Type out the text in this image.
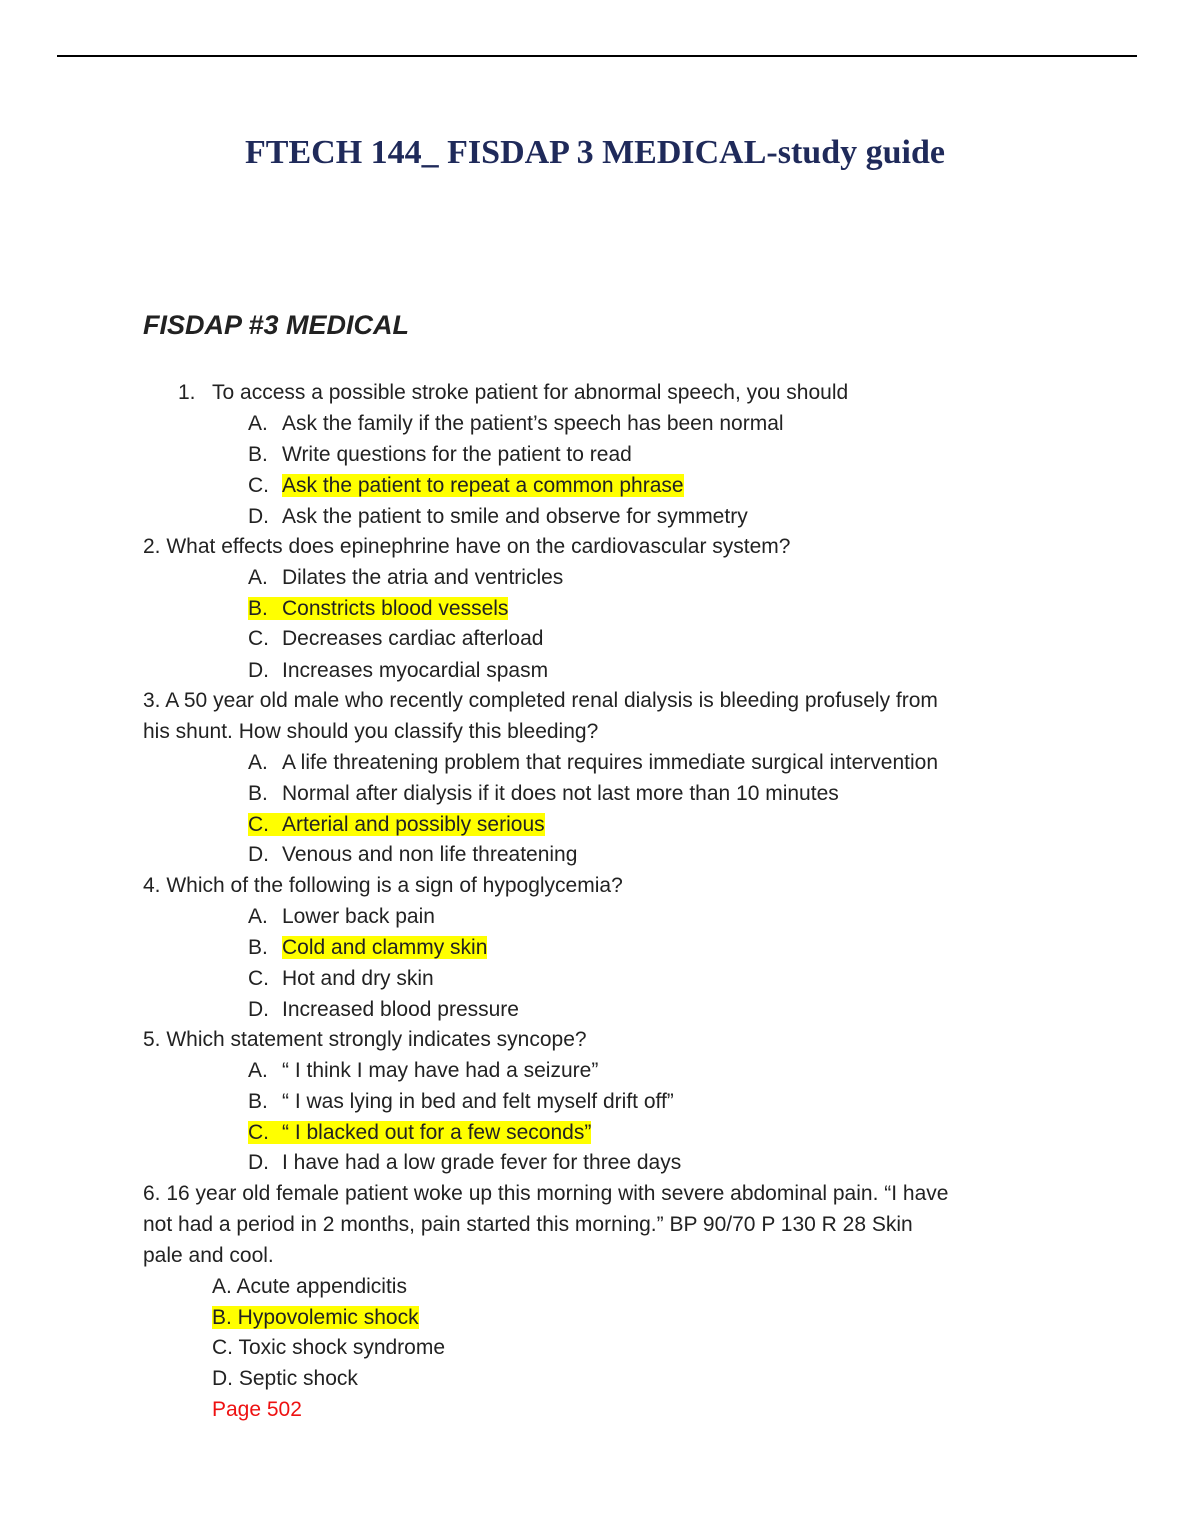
FTECH 144_ FISDAP 3 MEDICAL-study guide
FISDAP #3 MEDICAL
1. To access a possible stroke patient for abnormal speech, you should
A. Ask the family if the patient’s speech has been normal
B. Write questions for the patient to read
C. Ask the patient to repeat a common phrase
D. Ask the patient to smile and observe for symmetry
2. What effects does epinephrine have on the cardiovascular system?
A. Dilates the atria and ventricles
B. Constricts blood vessels
C. Decreases cardiac afterload
D. Increases myocardial spasm
3. A 50 year old male who recently completed renal dialysis is bleeding profusely from
his shunt. How should you classify this bleeding?
A. A life threatening problem that requires immediate surgical intervention
B. Normal after dialysis if it does not last more than 10 minutes
C. Arterial and possibly serious
D. Venous and non life threatening
4. Which of the following is a sign of hypoglycemia?
A. Lower back pain
B. Cold and clammy skin
C. Hot and dry skin
D. Increased blood pressure
5. Which statement strongly indicates syncope?
A. “ I think I may have had a seizure”
B. “ I was lying in bed and felt myself drift off”
C. “ I blacked out for a few seconds”
D. I have had a low grade fever for three days
6. 16 year old female patient woke up this morning with severe abdominal pain. “I have
not had a period in 2 months, pain started this morning.” BP 90/70 P 130 R 28 Skin
pale and cool.
A. Acute appendicitis
B. Hypovolemic shock
C. Toxic shock syndrome
D. Septic shock
Page 502
